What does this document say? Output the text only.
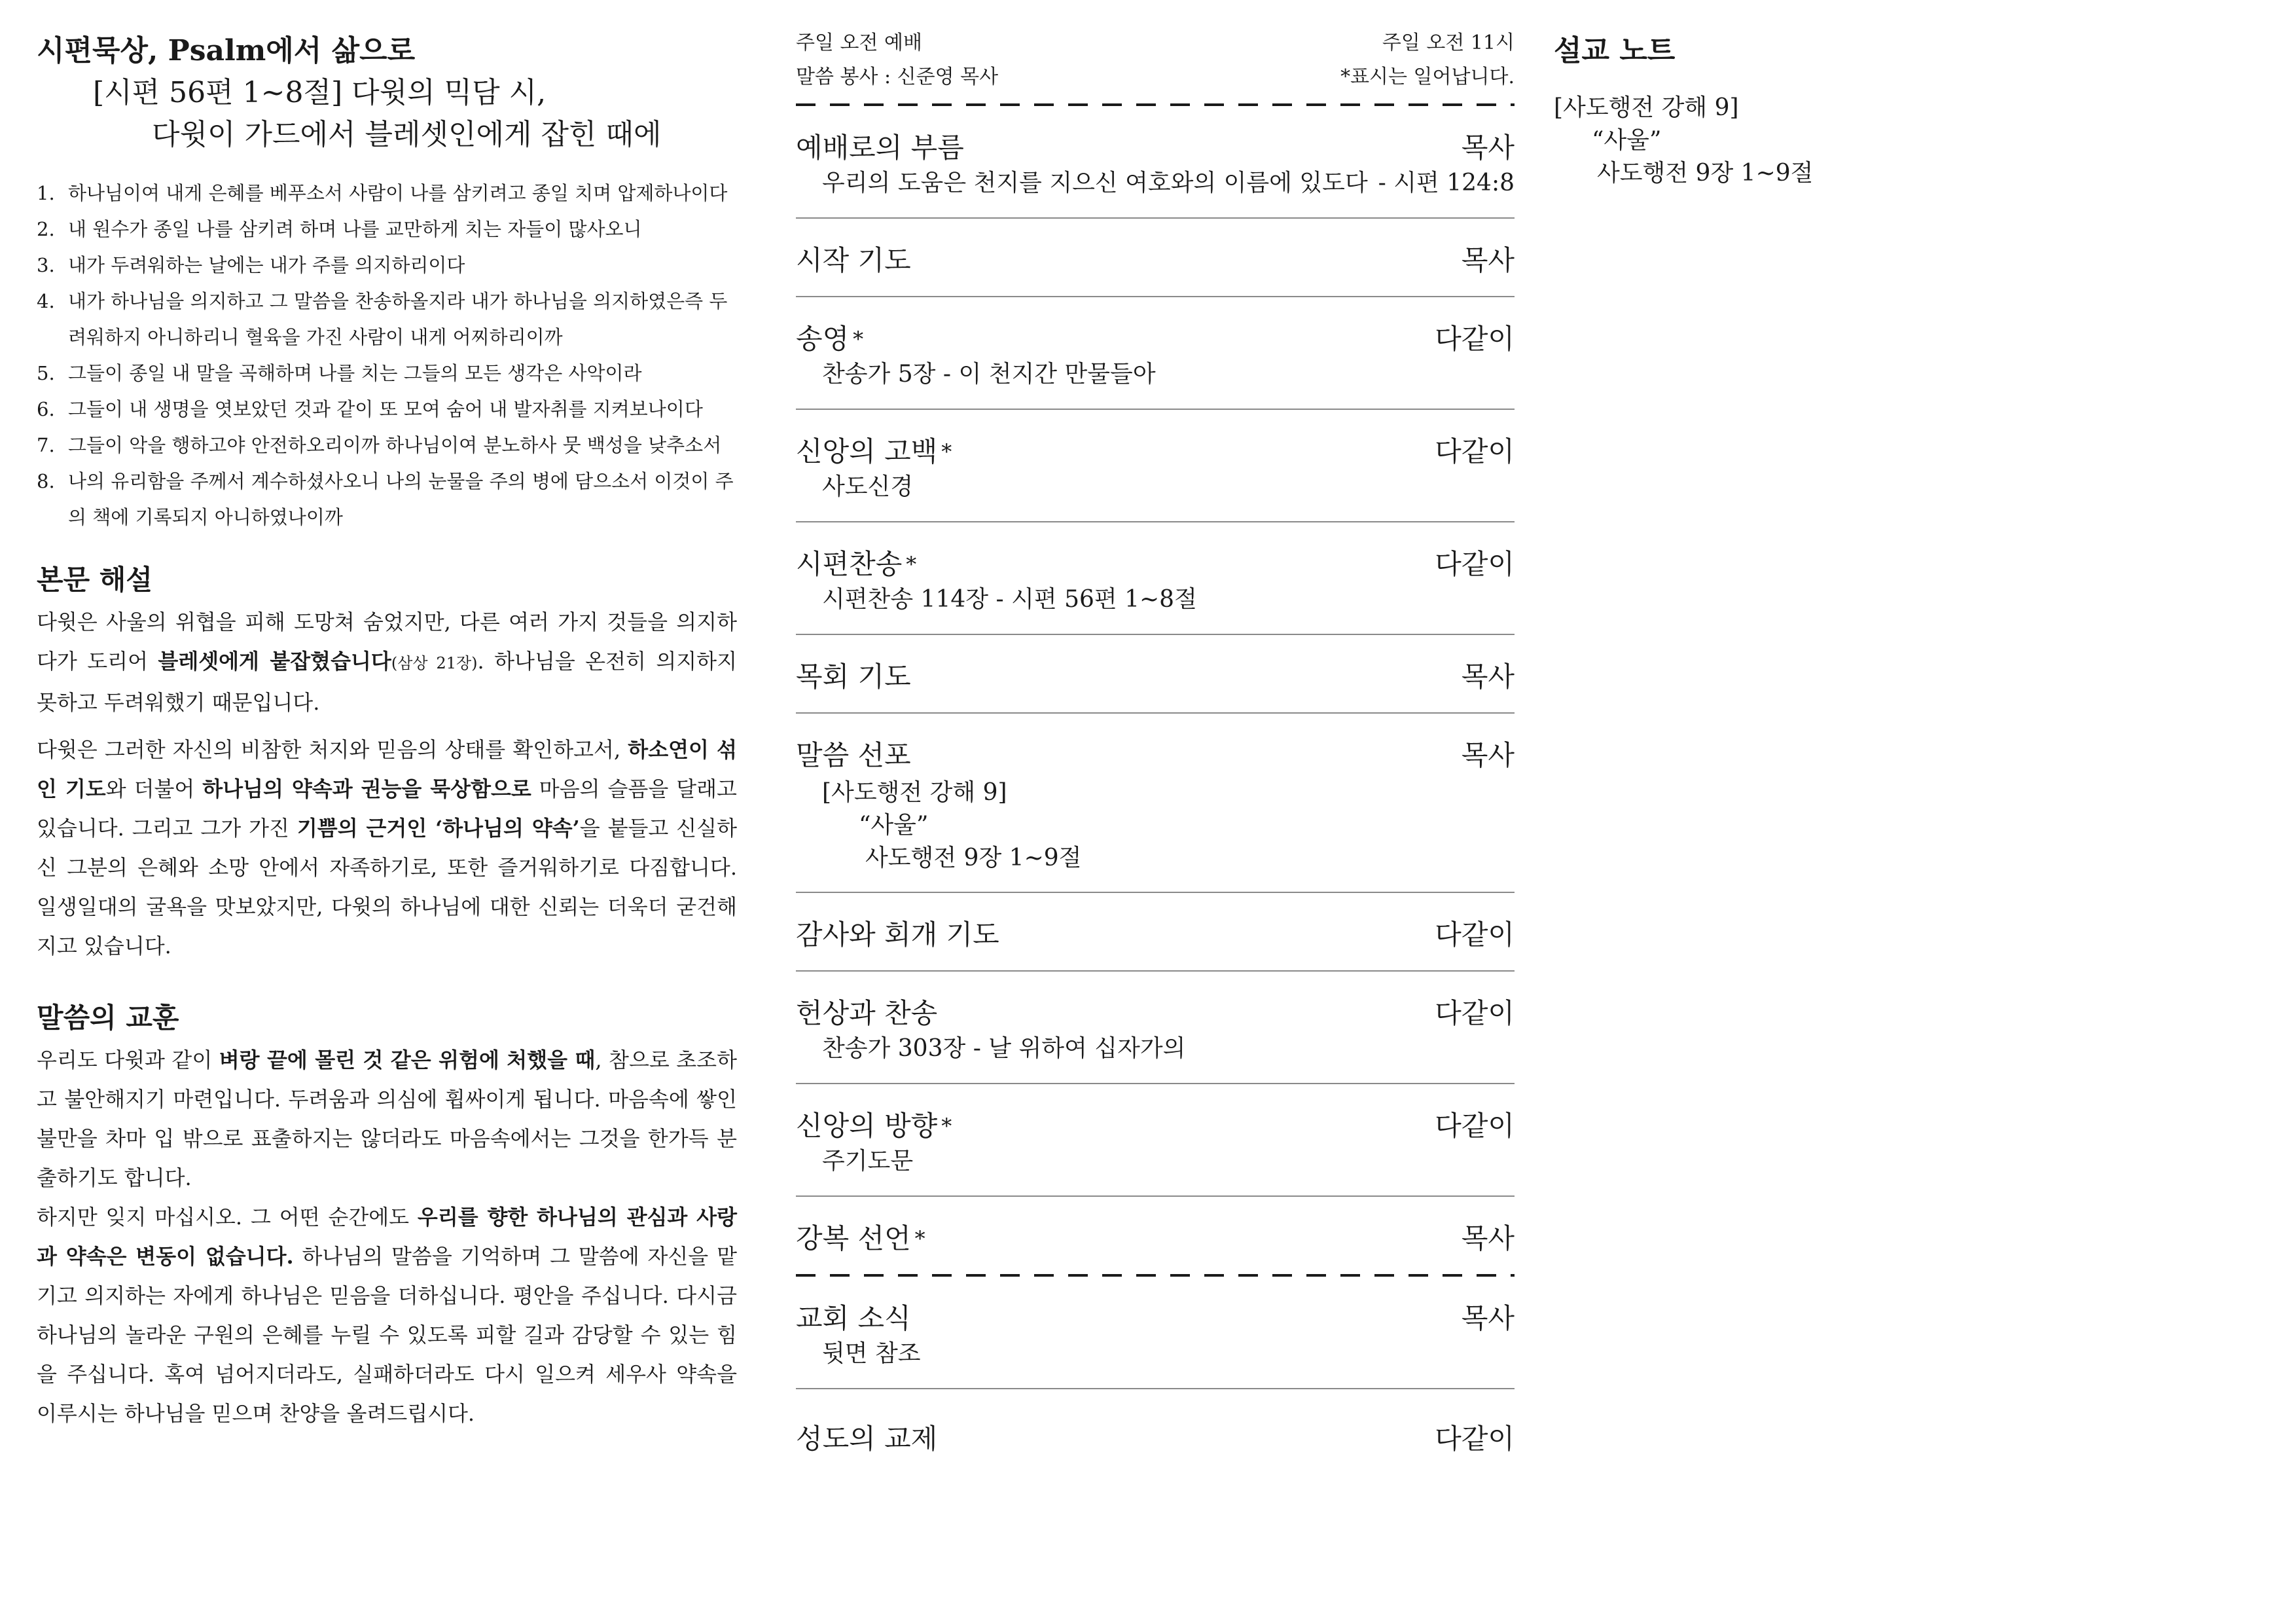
시편묵상, Psalm에서 삶으로
[시편 56편 1~8절] 다윗의 믹담 시,
다윗이 가드에서 블레셋인에게 잡힌 때에
1. 하나님이여 내게 은혜를 베푸소서 사람이 나를 삼키려고 종일 치며 압제하나이다
2. 내 원수가 종일 나를 삼키려 하며 나를 교만하게 치는 자들이 많사오니
3. 내가 두려워하는 날에는 내가 주를 의지하리이다
4. 내가 하나님을 의지하고 그 말씀을 찬송하올지라 내가 하나님을 의지하였은즉 두려워하지 아니하리니 혈육을 가진 사람이 내게 어찌하리이까
5. 그들이 종일 내 말을 곡해하며 나를 치는 그들의 모든 생각은 사악이라
6. 그들이 내 생명을 엿보았던 것과 같이 또 모여 숨어 내 발자취를 지켜보나이다
7. 그들이 악을 행하고야 안전하오리이까 하나님이여 분노하사 뭇 백성을 낮추소서
8. 나의 유리함을 주께서 계수하셨사오니 나의 눈물을 주의 병에 담으소서 이것이 주의 책에 기록되지 아니하였나이까
본문 해설

다윗은 사울의 위협을 피해 도망쳐 숨었지만, 다른 여러 가지 것들을 의지하다가 도리어 블레셋에게 붙잡혔습니다(삼상 21장). 하나님을 온전히 의지하지 못하고 두려워했기 때문입니다.

다윗은 그러한 자신의 비참한 처지와 믿음의 상태를 확인하고서, 하소연이 섞인 기도와 더불어 하나님의 약속과 권능을 묵상함으로 마음의 슬픔을 달래고 있습니다. 그리고 그가 가진 기쁨의 근거인 ‘하나님의 약속’을 붙들고 신실하신 그분의 은혜와 소망 안에서 자족하기로, 또한 즐거워하기로 다짐합니다. 일생일대의 굴욕을 맛보았지만, 다윗의 하나님에 대한 신뢰는 더욱더 굳건해지고 있습니다.

말씀의 교훈

우리도 다윗과 같이 벼랑 끝에 몰린 것 같은 위험에 처했을 때, 참으로 초조하고 불안해지기 마련입니다. 두려움과 의심에 휩싸이게 됩니다. 마음속에 쌓인 불만을 차마 입 밖으로 표출하지는 않더라도 마음속에서는 그것을 한가득 분출하기도 합니다.

하지만 잊지 마십시오. 그 어떤 순간에도 우리를 향한 하나님의 관심과 사랑과 약속은 변동이 없습니다. 하나님의 말씀을 기억하며 그 말씀에 자신을 맡기고 의지하는 자에게 하나님은 믿음을 더하십니다. 평안을 주십니다. 다시금 하나님의 놀라운 구원의 은혜를 누릴 수 있도록 피할 길과 감당할 수 있는 힘을 주십니다. 혹여 넘어지더라도, 실패하더라도 다시 일으켜 세우사 약속을 이루시는 하나님을 믿으며 찬양을 올려드립시다.

주일 오전 예배	주일 오전 11시
말씀 봉사 : 신준영 목사	*표시는 일어납니다.
예배로의 부름	목사
우리의 도움은 천지를 지으신 여호와의 이름에 있도다 - 시편 124:8
시작 기도	목사
송영 *	다같이
찬송가 5장 - 이 천지간 만물들아
신앙의 고백 *	다같이
사도신경
시편찬송 *	다같이
시편찬송 114장 - 시편 56편 1~8절
목회 기도	목사
말씀 선포	목사
[사도행전 강해 9]
“사울”
사도행전 9장 1~9절
감사와 회개 기도	다같이
헌상과 찬송	다같이
찬송가 303장 - 날 위하여 십자가의
신앙의 방향 *	다같이
주기도문
강복 선언 *	목사
교회 소식	목사
뒷면 참조
성도의 교제	다같이
설교 노트
[사도행전 강해 9]
“사울”
사도행전 9장 1~9절
